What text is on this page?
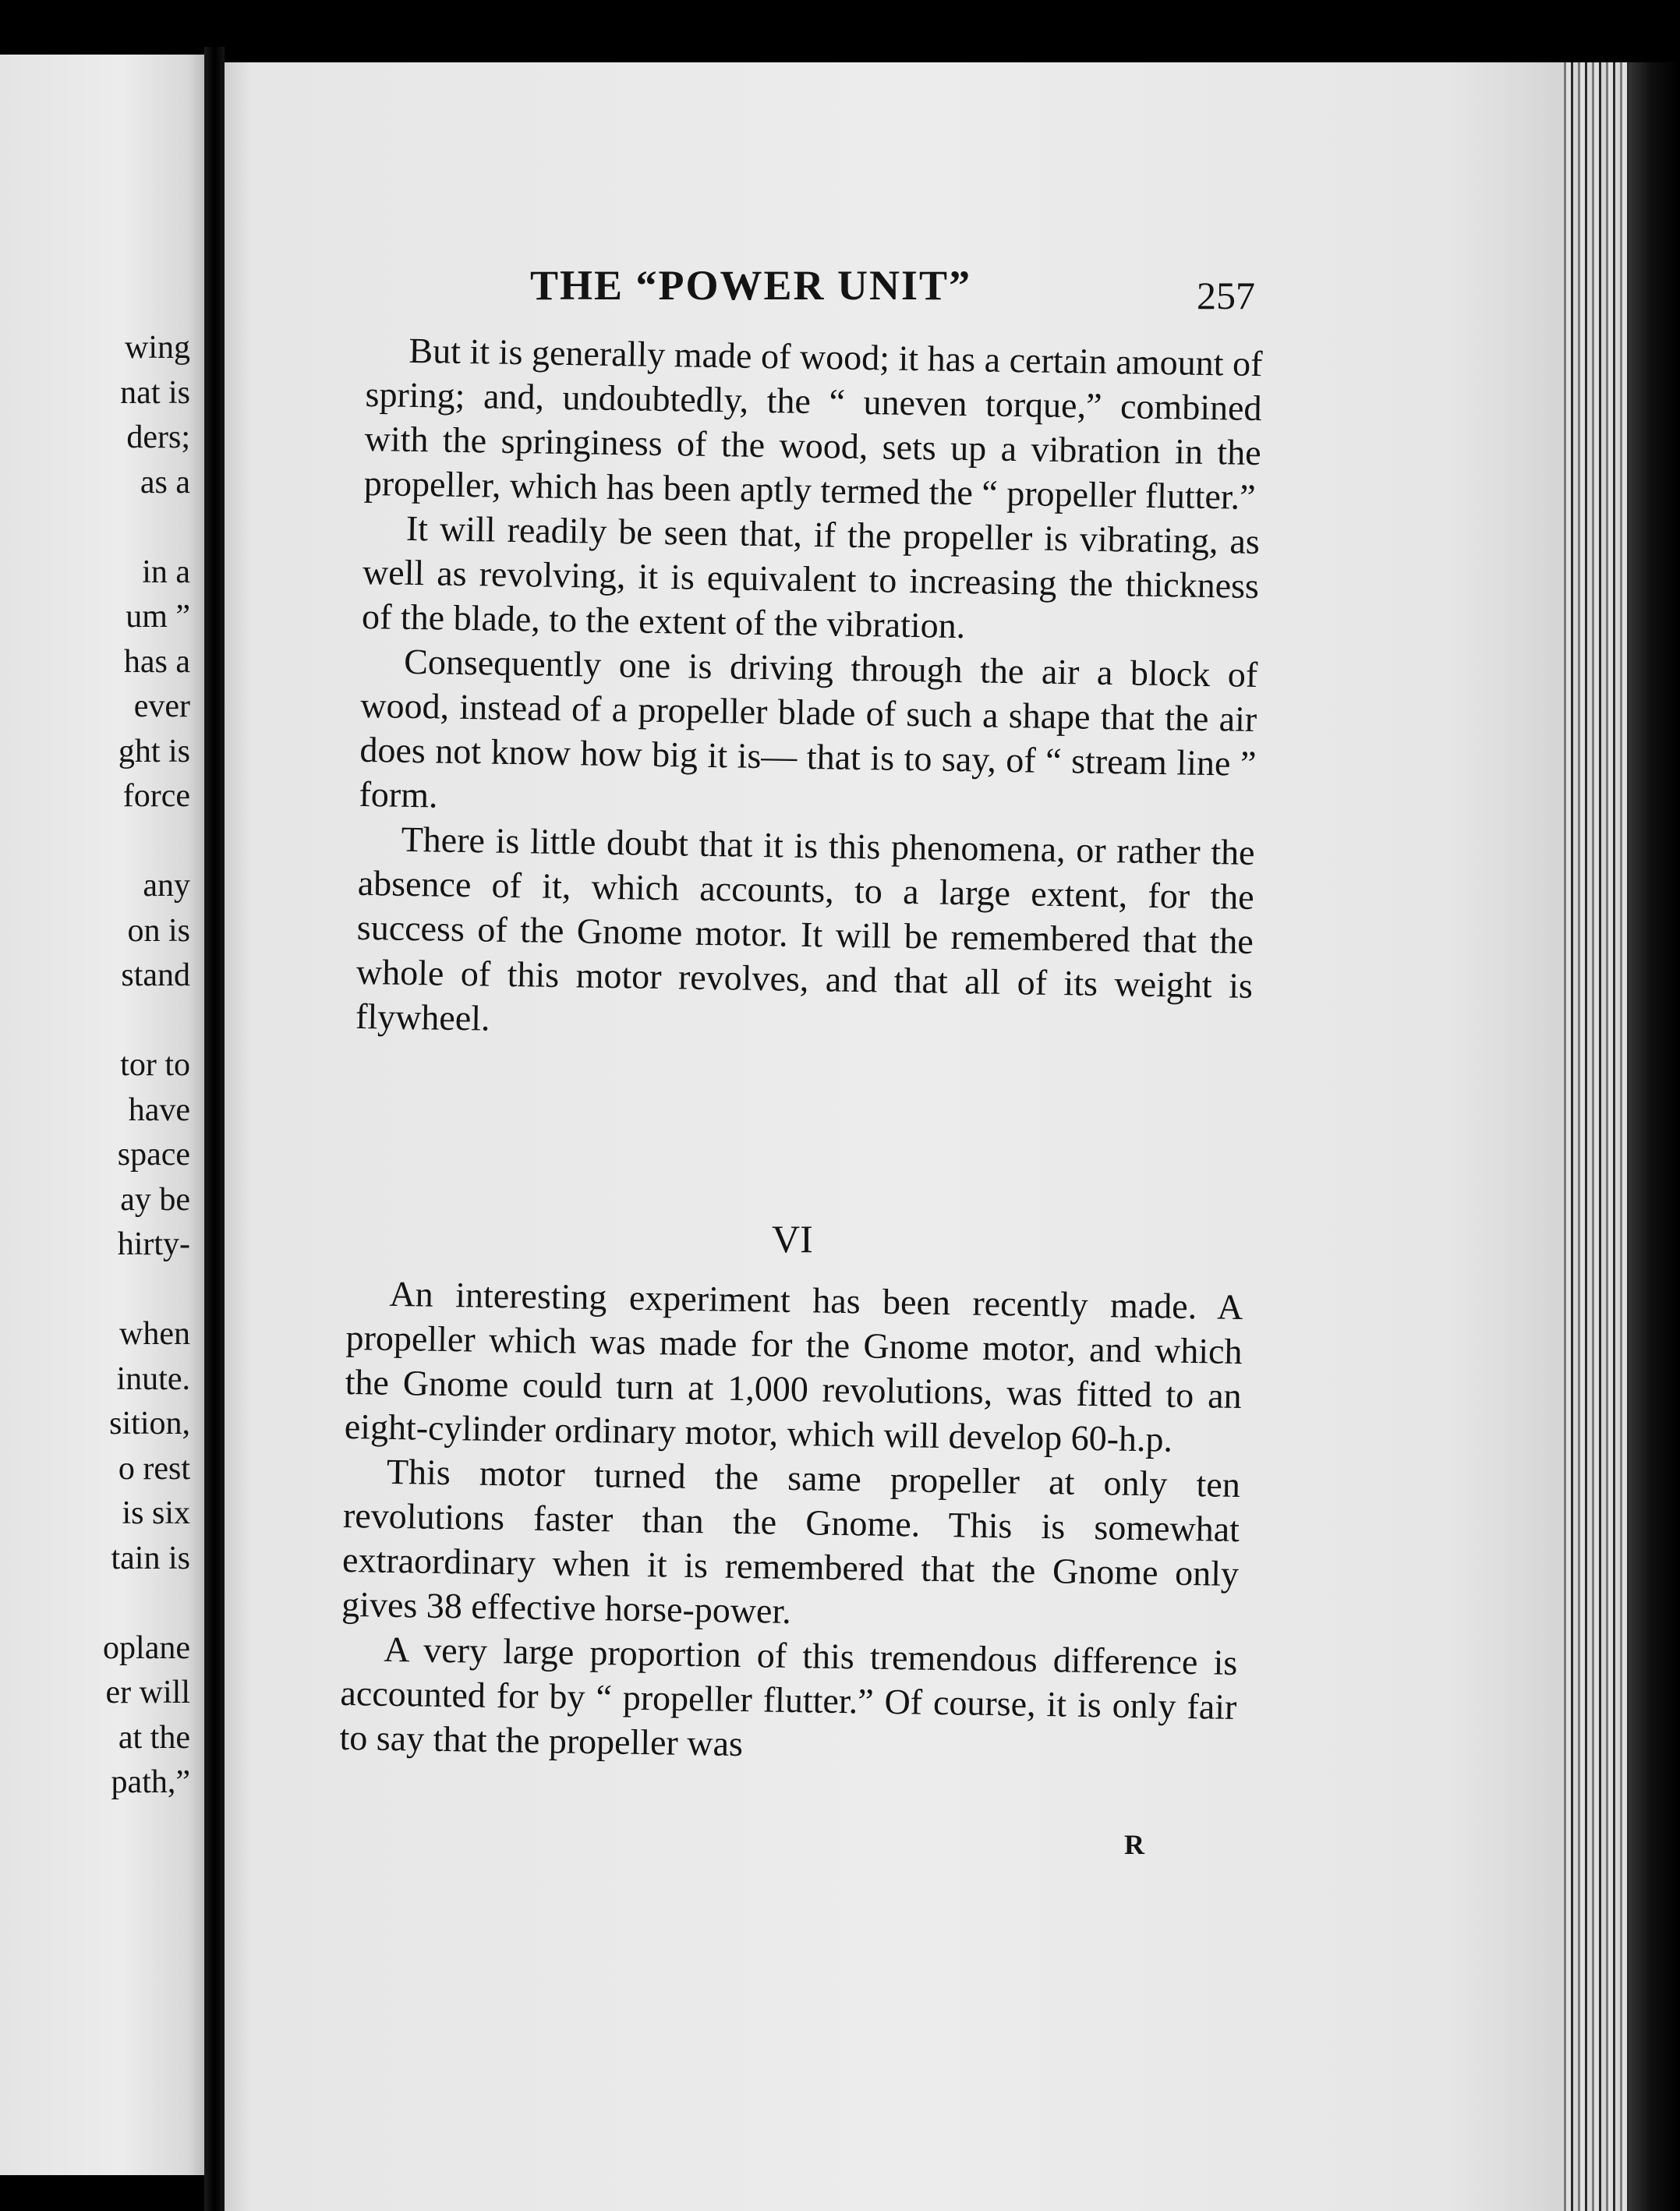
wing
nat is
ders;
as a
in a
um ”
has a
ever
ght is
force
any
on is
stand
tor to
have
space
ay be
hirty-
when
inute.
sition,
o rest
is six
tain is
oplane
er will
at the
path,”
THE “POWER UNIT”	257

But it is generally made of wood; it has a certain amount of spring; and, undoubtedly, the “ uneven torque,” combined with the springiness of the wood, sets up a vibration in the propeller, which has been aptly termed the “ propeller flutter.”

It will readily be seen that, if the propeller is vibrating, as well as revolving, it is equivalent to increasing the thickness of the blade, to the extent of the vibration.

Consequently one is driving through the air a block of wood, instead of a propeller blade of such a shape that the air does not know how big it is— that is to say, of “ stream line ” form.

There is little doubt that it is this phenomena, or rather the absence of it, which accounts, to a large extent, for the success of the Gnome motor. It will be remembered that the whole of this motor revolves, and that all of its weight is flywheel.

VI

An interesting experiment has been recently made. A propeller which was made for the Gnome motor, and which the Gnome could turn at 1,000 revolutions, was fitted to an eight-cylinder ordinary motor, which will develop 60-h.p.

This motor turned the same propeller at only ten revolutions faster than the Gnome. This is somewhat extraordinary when it is remembered that the Gnome only gives 38 effective horse-power.

A very large proportion of this tremendous difference is accounted for by “ propeller flutter.” Of course, it is only fair to say that the propeller was

R
